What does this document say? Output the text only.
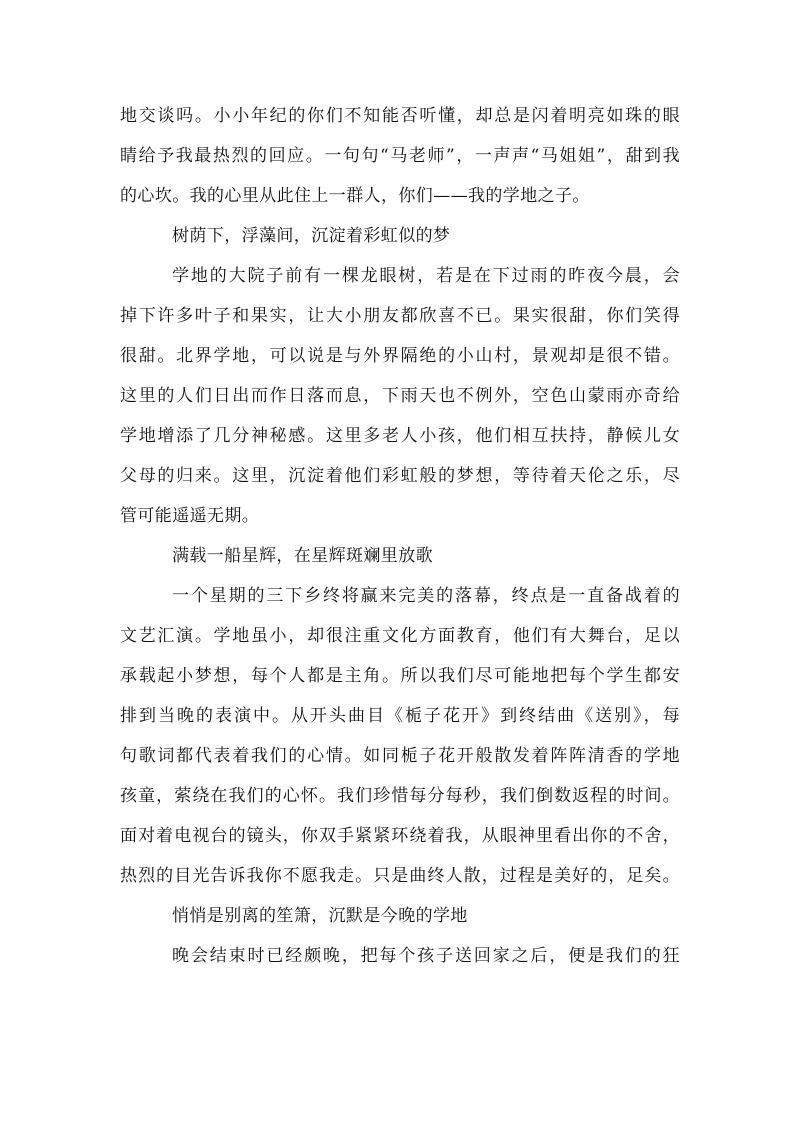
地交谈吗。小小年纪的你们不知能否听懂，却总是闪着明亮如珠的眼
睛给予我最热烈的回应。一句句“马老师”，一声声“马姐姐”，甜到我
的心坎。我的心里从此住上一群人，你们——我的学地之子。
树荫下，浮藻间，沉淀着彩虹似的梦
学地的大院子前有一棵龙眼树，若是在下过雨的昨夜今晨，会
掉下许多叶子和果实，让大小朋友都欣喜不已。果实很甜，你们笑得
很甜。北界学地，可以说是与外界隔绝的小山村，景观却是很不错。
这里的人们日出而作日落而息，下雨天也不例外，空色山蒙雨亦奇给
学地增添了几分神秘感。这里多老人小孩，他们相互扶持，静候儿女
父母的归来。这里，沉淀着他们彩虹般的梦想，等待着天伦之乐，尽
管可能遥遥无期。
满载一船星辉，在星辉斑斓里放歌
一个星期的三下乡终将赢来完美的落幕，终点是一直备战着的
文艺汇演。学地虽小，却很注重文化方面教育，他们有大舞台，足以
承载起小梦想，每个人都是主角。所以我们尽可能地把每个学生都安
排到当晚的表演中。从开头曲目《栀子花开》到终结曲《送别》，每
句歌词都代表着我们的心情。如同栀子花开般散发着阵阵清香的学地
孩童，萦绕在我们的心怀。我们珍惜每分每秒，我们倒数返程的时间。
面对着电视台的镜头，你双手紧紧环绕着我，从眼神里看出你的不舍，
热烈的目光告诉我你不愿我走。只是曲终人散，过程是美好的，足矣。
悄悄是别离的笙箫，沉默是今晚的学地
晚会结束时已经颇晚，把每个孩子送回家之后，便是我们的狂
